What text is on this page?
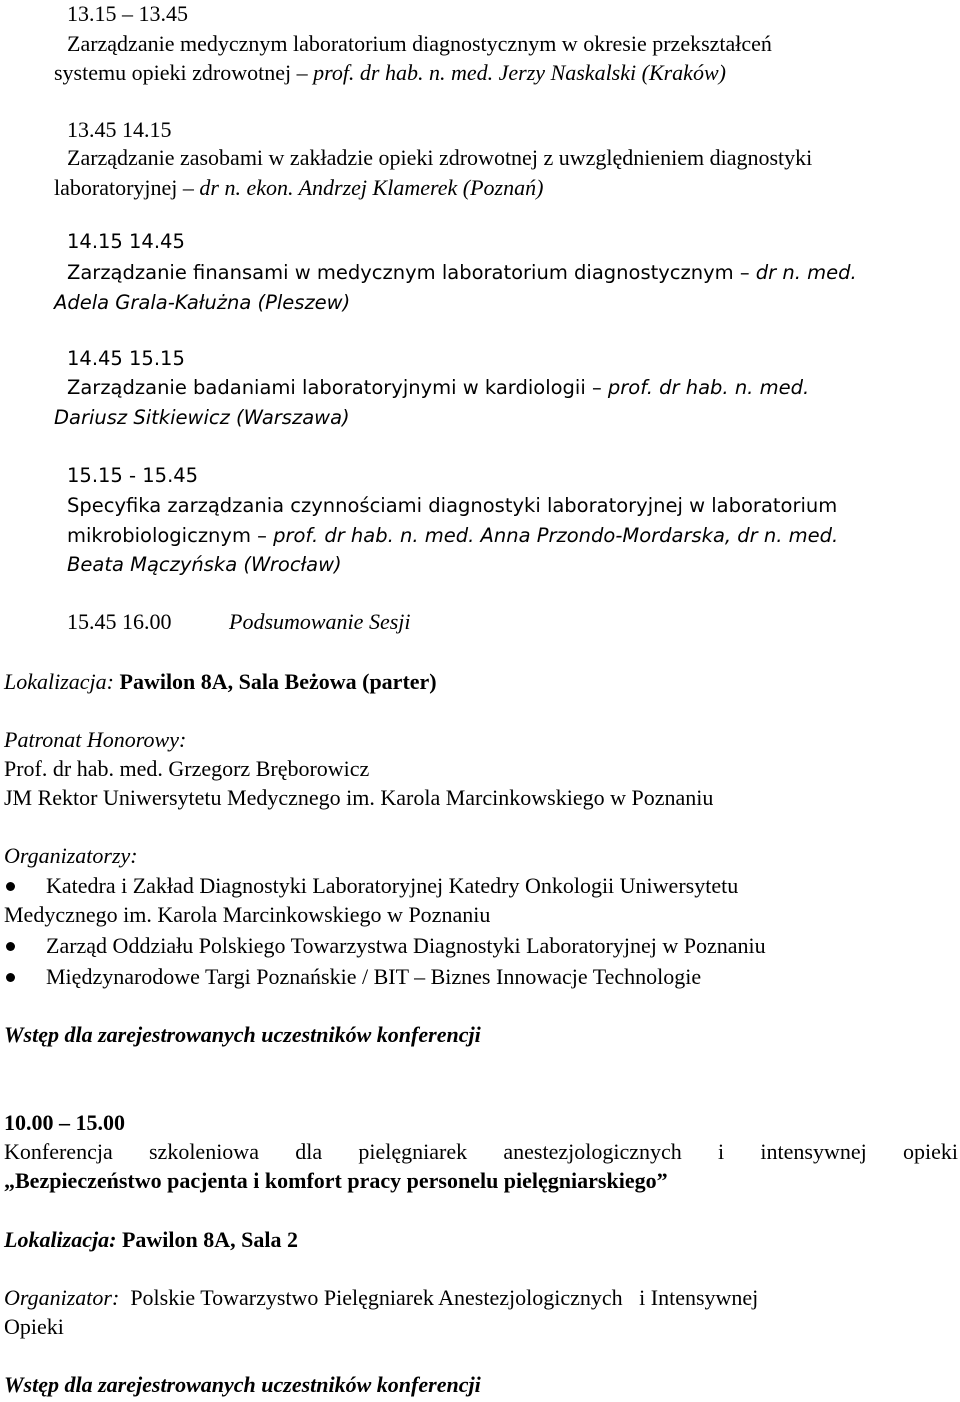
13.15 – 13.45
Zarządzanie medycznym laboratorium diagnostycznym w okresie przekształceń
systemu opieki zdrowotnej – prof. dr hab. n. med. Jerzy Naskalski (Kraków)
13.45 14.15
Zarządzanie zasobami w zakładzie opieki zdrowotnej z uwzględnieniem diagnostyki
laboratoryjnej – dr n. ekon. Andrzej Klamerek (Poznań)
14.15 14.45
Zarządzanie finansami w medycznym laboratorium diagnostycznym – dr n. med.
Adela Grala-Kałużna (Pleszew)
14.45 15.15
Zarządzanie badaniami laboratoryjnymi w kardiologii – prof. dr hab. n. med.
Dariusz Sitkiewicz (Warszawa)
15.15 - 15.45
Specyfika zarządzania czynnościami diagnostyki laboratoryjnej w laboratorium
mikrobiologicznym – prof. dr hab. n. med. Anna Przondo-Mordarska, dr n. med.
Beata Mączyńska (Wrocław)
15.45 16.00	Podsumowanie Sesji
Lokalizacja: Pawilon 8A, Sala Beżowa (parter)
Patronat Honorowy:
Prof. dr hab. med. Grzegorz Bręborowicz
JM Rektor Uniwersytetu Medycznego im. Karola Marcinkowskiego w Poznaniu
Organizatorzy:
Katedra i Zakład Diagnostyki Laboratoryjnej Katedry Onkologii Uniwersytetu
Medycznego im. Karola Marcinkowskiego w Poznaniu
Zarząd Oddziału Polskiego Towarzystwa Diagnostyki Laboratoryjnej w Poznaniu
Międzynarodowe Targi Poznańskie / BIT – Biznes Innowacje Technologie
Wstęp dla zarejestrowanych uczestników konferencji
10.00 – 15.00
Konferencja szkoleniowa dla pielęgniarek anestezjologicznych i intensywnej opieki
„Bezpieczeństwo pacjenta i komfort pracy personelu pielęgniarskiego”
Lokalizacja: Pawilon 8A, Sala 2
Organizator:  Polskie Towarzystwo Pielęgniarek Anestezjologicznych   i Intensywnej
Opieki
Wstęp dla zarejestrowanych uczestników konferencji
